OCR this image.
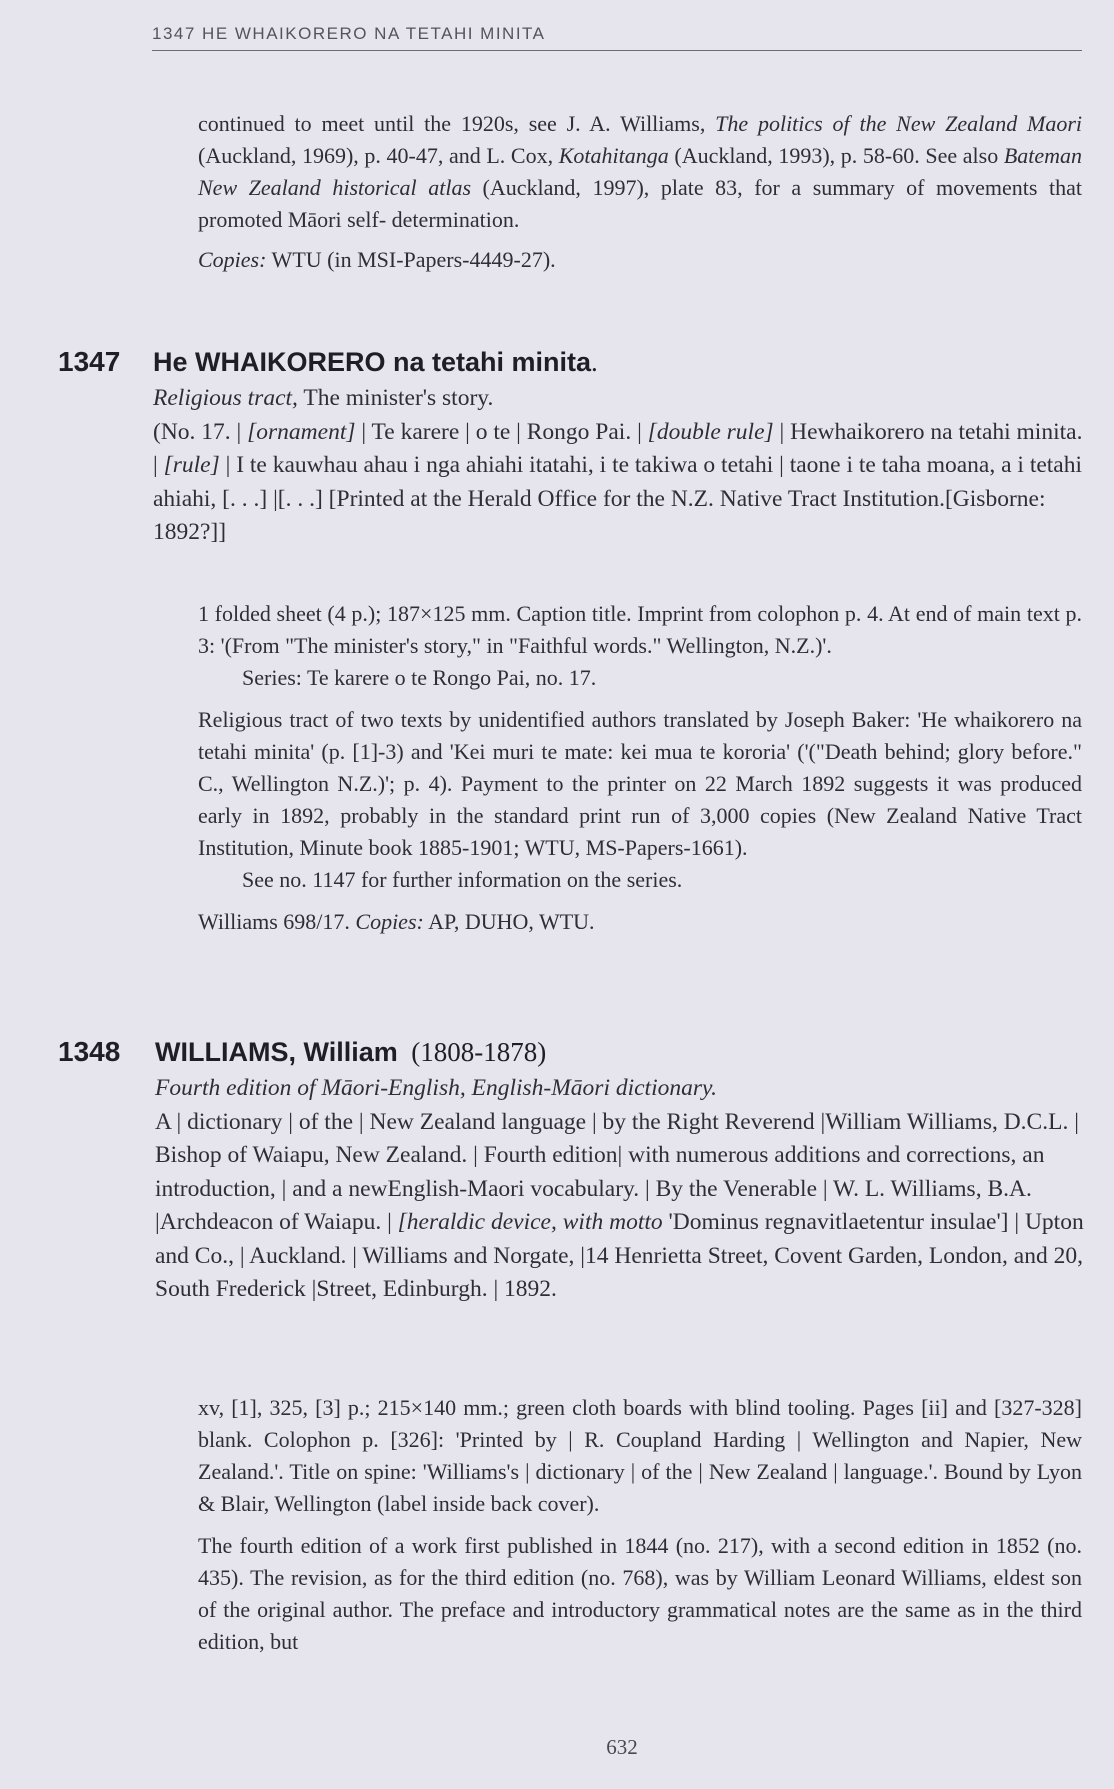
1347 HE WHAIKORERO NA TETAHI MINITA
continued to meet until the 1920s, see J. A. Williams, The politics of the New Zealand Maori (Auckland, 1969), p. 40-47, and L. Cox, Kotahitanga (Auckland, 1993), p. 58-60. See also Bateman New Zealand historical atlas (Auckland, 1997), plate 83, for a summary of movements that promoted Māori self- determination.
Copies: WTU (in MSI-Papers-4449-27).
1347 He WHAIKORERO na tetahi minita.
Religious tract, The minister's story.
(No. 17. | [ornament] | Te karere | o te | Rongo Pai. | [double rule] | Hewhaikorero na tetahi minita. | [rule] | I te kauwhau ahau i nga ahiahi itatahi, i te takiwa o tetahi | taone i te taha moana, a i tetahi ahiahi, [. . .] |[. . .] [Printed at the Herald Office for the N.Z. Native Tract Institution.[Gisborne: 1892?]]

1 folded sheet (4 p.); 187×125 mm. Caption title. Imprint from colophon p. 4. At end of main text p. 3: '(From "The minister's story," in "Faithful words." Wellington, N.Z.)'.

Series: Te karere o te Rongo Pai, no. 17.

Religious tract of two texts by unidentified authors translated by Joseph Baker: 'He whaikorero na tetahi minita' (p. [1]-3) and 'Kei muri te mate: kei mua te kororia' ('("Death behind; glory before." C., Wellington N.Z.)'; p. 4). Payment to the printer on 22 March 1892 suggests it was produced early in 1892, probably in the standard print run of 3,000 copies (New Zealand Native Tract Institution, Minute book 1885-1901; WTU, MS-Papers-1661).

See no. 1147 for further information on the series.

Williams 698/17. Copies: AP, DUHO, WTU.

1348 WILLIAMS, William (1808-1878)
Fourth edition of Māori-English, English-Māori dictionary.
A | dictionary | of the | New Zealand language | by the Right Reverend |William Williams, D.C.L. | Bishop of Waiapu, New Zealand. | Fourth edition| with numerous additions and corrections, an introduction, | and a newEnglish-Maori vocabulary. | By the Venerable | W. L. Williams, B.A. |Archdeacon of Waiapu. | [heraldic device, with motto 'Dominus regnavitlaetentur insulae'] | Upton and Co., | Auckland. | Williams and Norgate, |14 Henrietta Street, Covent Garden, London, and 20, South Frederick |Street, Edinburgh. | 1892.

xv, [1], 325, [3] p.; 215×140 mm.; green cloth boards with blind tooling. Pages [ii] and [327-328] blank. Colophon p. [326]: 'Printed by | R. Coupland Harding | Wellington and Napier, New Zealand.'. Title on spine: 'Williams's | dictionary | of the | New Zealand | language.'. Bound by Lyon & Blair, Wellington (label inside back cover).

The fourth edition of a work first published in 1844 (no. 217), with a second edition in 1852 (no. 435). The revision, as for the third edition (no. 768), was by William Leonard Williams, eldest son of the original author. The preface and introductory grammatical notes are the same as in the third edition, but

632
